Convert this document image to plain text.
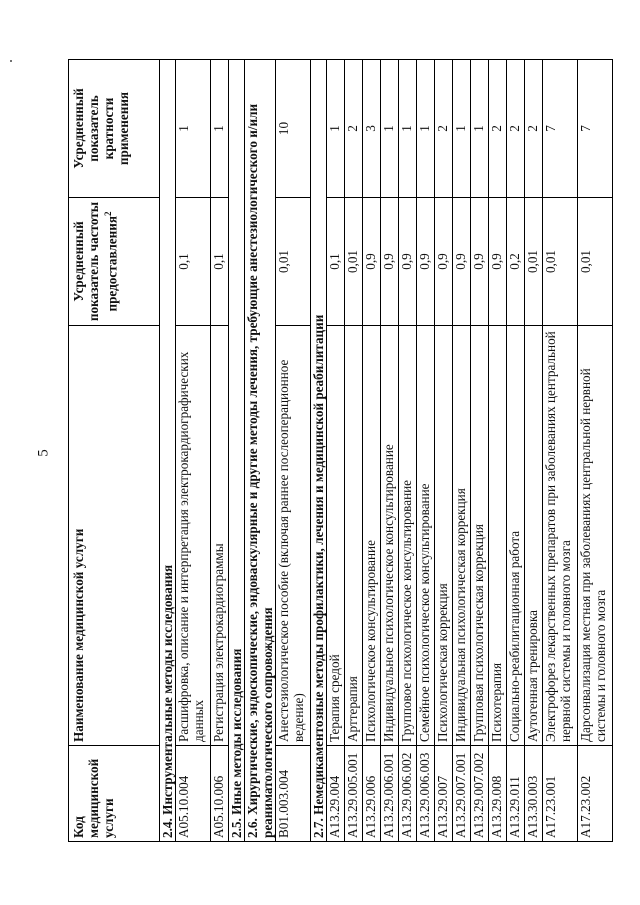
5
Код медицинской услуги	Наименование медицинской услуги	Усредненный показатель частоты предоставления$^2$	Усредненный показатель кратности применения
2.4. Инструментальные методы исследования			
A05.10.004	Расшифровка, описание и интерпретация электрокардиографических данных	0,1	1
A05.10.006	Регистрация электрокардиограммы	0,1	1
2.5. Иные методы исследования			
2.6. Хирургические, эндоскопические, эндоваскулярные и другие методы лечения, требующие анестезиологического и/или реаниматологического сопровождения			
B01.003.004	Анестезиологическое пособие (включая раннее послеоперационное ведение)	0,01	10
2.7. Немедикаментозные методы профилактики, лечения и медицинской реабилитации			
A13.29.004	Терапия средой	0,1	1
A13.29.005.001	Арттерапия	0,01	2
A13.29.006	Психологическое консультирование	0,9	3
A13.29.006.001	Индивидуальное психологическое консультирование	0,9	1
A13.29.006.002	Групповое психологическое консультирование	0,9	1
A13.29.006.003	Семейное психологическое консультирование	0,9	1
A13.29.007	Психологическая коррекция	0,9	2
A13.29.007.001	Индивидуальная психологическая коррекция	0,9	1
A13.29.007.002	Групповая психологическая коррекция	0,9	1
A13.29.008	Психотерапия	0,9	2
A13.29.011	Социально-реабилитационная работа	0,2	2
A13.30.003	Аутогенная тренировка	0,01	2
A17.23.001	Электрофорез лекарственных препаратов при заболеваниях центральной нервной системы и головного мозга	0,01	7
A17.23.002	Дарсонвализация местная при заболеваниях центральной нервной системы и головного мозга	0,01	7
